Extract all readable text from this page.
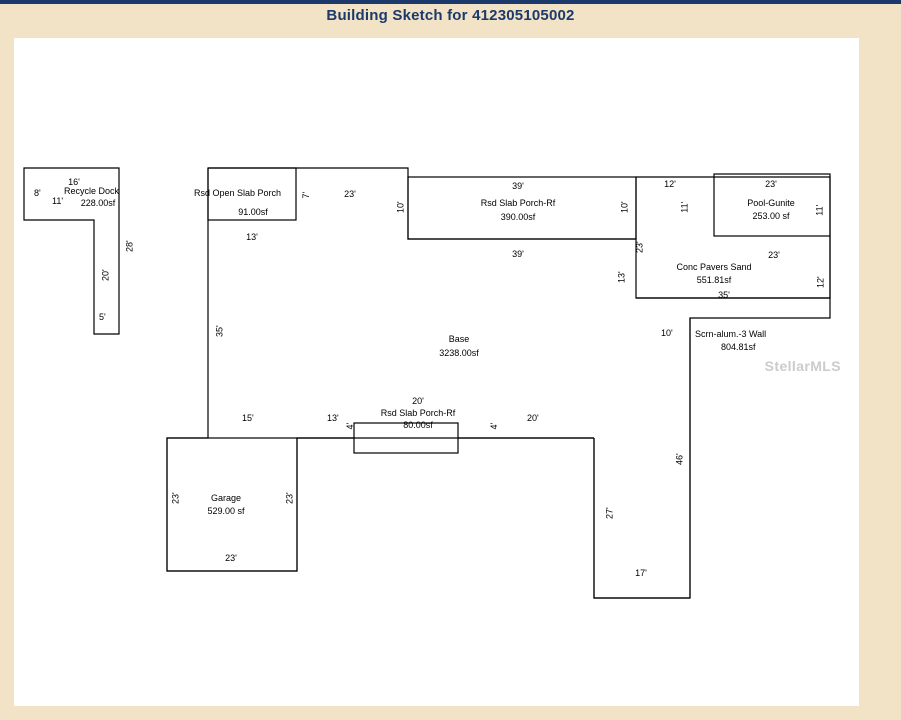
Building Sketch for 412305105002
16'
8'
11'
28'
20'
5'
Recycle Dock
228.00sf
Rsd Open Slab Porch
91.00sf
7'
13'
23'
39'
10'	10'
Rsd Slab Porch-Rf
390.00sf
39'
12'	23'
11'	11'
Pool-Gunite
253.00 sf
23'
23'
13'	12'
35'
Conc Pavers Sand
551.81sf
10'
46'
Scrn-alum.-3 Wall
804.81sf
35'
15'
Base
3238.00sf
13'
4'
20'
4'
20'
Rsd Slab Porch-Rf
80.00sf
23'	23'
23'
Garage
529.00 sf	27'
17'
StellarMLS
